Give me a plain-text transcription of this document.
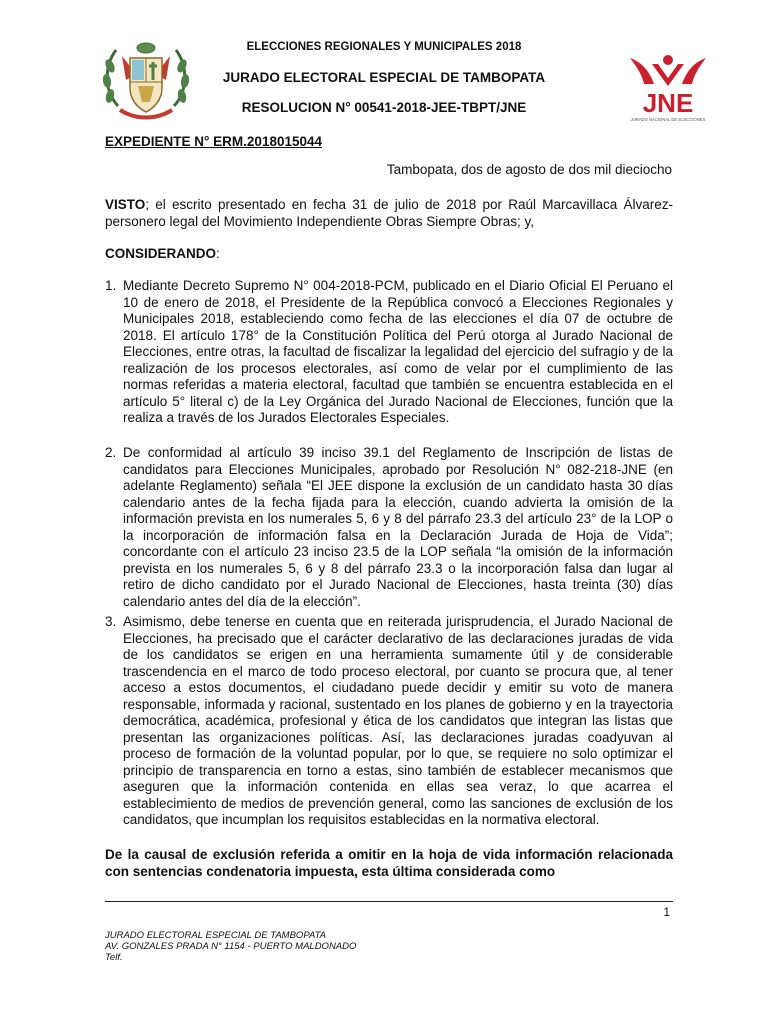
JNE
JURADO NACIONAL DE ELECCIONES
ELECCIONES REGIONALES Y MUNICIPALES 2018
JURADO ELECTORAL ESPECIAL DE TAMBOPATA
RESOLUCION N° 00541-2018-JEE-TBPT/JNE
EXPEDIENTE N° ERM.2018015044
Tambopata, dos de agosto de dos mil dieciocho
VISTO; el escrito presentado en fecha 31 de julio de 2018 por Raúl Marcavillaca Álvarez- personero legal del Movimiento Independiente Obras Siempre Obras; y,
CONSIDERANDO:
1. Mediante Decreto Supremo N° 004-2018-PCM, publicado en el Diario Oficial El Peruano el 10 de enero de 2018, el Presidente de la República convocó a Elecciones Regionales y Municipales 2018, estableciendo como fecha de las elecciones el día 07 de octubre de 2018. El artículo 178° de la Constitución Política del Perú otorga al Jurado Nacional de Elecciones, entre otras, la facultad de fiscalizar la legalidad del ejercicio del sufragio y de la realización de los procesos electorales, así como de velar por el cumplimiento de las normas referidas a materia electoral, facultad que también se encuentra establecida en el artículo 5° literal c) de la Ley Orgánica del Jurado Nacional de Elecciones, función que la realiza a través de los Jurados Electorales Especiales.
2. De conformidad al artículo 39 inciso 39.1 del Reglamento de Inscripción de listas de candidatos para Elecciones Municipales, aprobado por Resolución N° 082-218-JNE (en adelante Reglamento) señala “El JEE dispone la exclusión de un candidato hasta 30 días calendario antes de la fecha fijada para la elección, cuando advierta la omisión de la información prevista en los numerales 5, 6 y 8 del párrafo 23.3 del artículo 23° de la LOP o la incorporación de información falsa en la Declaración Jurada de Hoja de Vida”; concordante con el artículo 23 inciso 23.5 de la LOP señala “la omisión de la información prevista en los numerales 5, 6 y 8 del párrafo 23.3 o la incorporación falsa dan lugar al retiro de dicho candidato por el Jurado Nacional de Elecciones, hasta treinta (30) días calendario antes del día de la elección”.
3. Asimismo, debe tenerse en cuenta que en reiterada jurisprudencia, el Jurado Nacional de Elecciones, ha precisado que el carácter declarativo de las declaraciones juradas de vida de los candidatos se erigen en una herramienta sumamente útil y de considerable trascendencia en el marco de todo proceso electoral, por cuanto se procura que, al tener acceso a estos documentos, el ciudadano puede decidir y emitir su voto de manera responsable, informada y racional, sustentado en los planes de gobierno y en la trayectoria democrática, académica, profesional y ética de los candidatos que integran las listas que presentan las organizaciones políticas. Así, las declaraciones juradas coadyuvan al proceso de formación de la voluntad popular, por lo que, se requiere no solo optimizar el principio de transparencia en torno a estas, sino también de establecer mecanismos que aseguren que la información contenida en ellas sea veraz, lo que acarrea el establecimiento de medios de prevención general, como las sanciones de exclusión de los candidatos, que incumplan los requisitos establecidas en la normativa electoral.
De la causal de exclusión referida a omitir en la hoja de vida información relacionada con sentencias condenatoria impuesta, esta última considerada como
1
JURADO ELECTORAL ESPECIAL DE TAMBOPATA
AV. GONZALES PRADA N° 1154 - PUERTO MALDONADO
Telf.
